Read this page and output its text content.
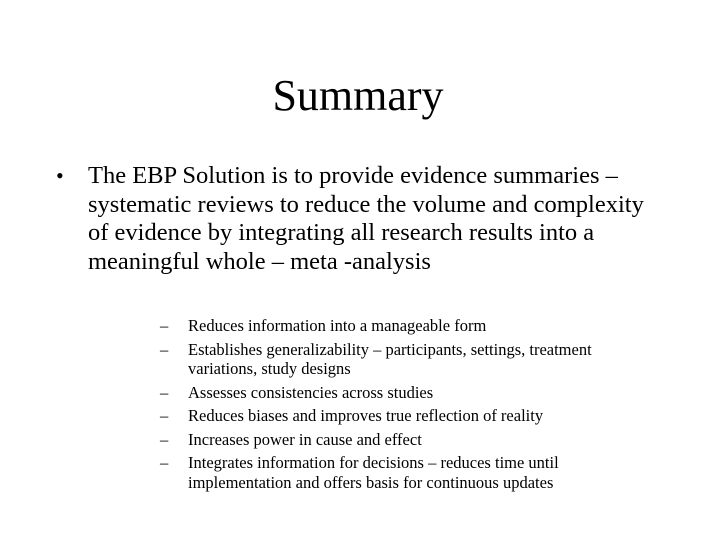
Summary
• The EBP Solution is to provide evidence summaries – systematic reviews to reduce the volume and complexity of evidence by integrating all research results into a meaningful whole – meta -analysis
– Reduces information into a manageable form
– Establishes generalizability – participants, settings, treatment variations, study designs
– Assesses consistencies across studies
– Reduces biases and improves true reflection of reality
– Increases power in cause and effect
– Integrates information for decisions – reduces time until implementation and offers basis for continuous updates
